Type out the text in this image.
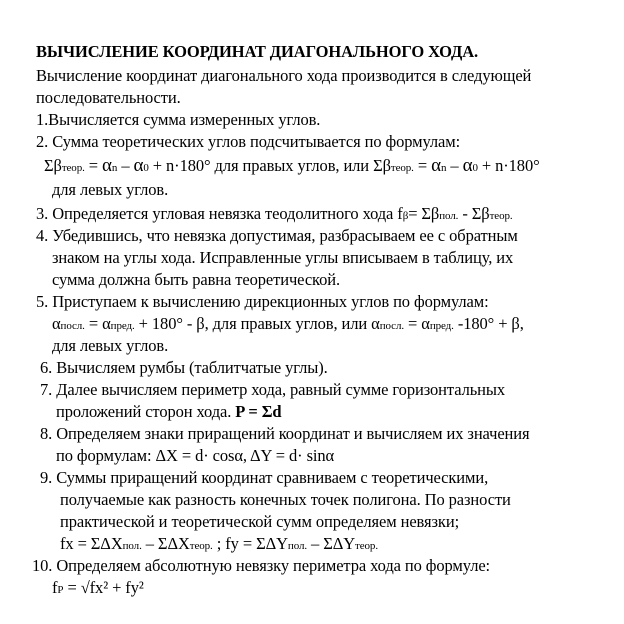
ВЫЧИСЛЕНИЕ КООРДИНАТ ДИАГОНАЛЬНОГО ХОДА.
Вычисление координат диагонального хода производится в следующей
последовательности.
1.Вычисляется сумма измеренных углов.
2. Сумма теоретических углов подсчитывается по формулам:
Σβтеор. = αn – α0 + n·180° для правых углов, или Σβтеор. = αn – α0 + n·180°
для левых углов.
3. Определяется угловая невязка теодолитного хода fβ= Σβпол. - Σβтеор.
4. Убедившись, что невязка допустимая, разбрасываем ее с обратным
знаком на углы хода. Исправленные углы вписываем в таблицу, их
сумма должна быть равна теоретической.
5. Приступаем к вычислению дирекционных углов по формулам:
αпосл. = αпред. + 180° - β, для правых углов, или αпосл. = αпред. -180° + β,
для левых углов.
6. Вычисляем румбы (таблитчатые углы).
7. Далее вычисляем периметр хода, равный сумме горизонтальных
проложений сторон хода. P = Σd
8. Определяем знаки приращений координат и вычисляем их значения
по формулам: ΔX = d· cosα, ΔY = d· sinα
9. Суммы приращений координат сравниваем с теоретическими,
получаемые как разность конечных точек полигона. По разности
практической и теоретической сумм определяем невязки;
fx = ΣΔXпол. – ΣΔXтеор. ; fy = ΣΔYпол. – ΣΔYтеор.
10. Определяем абсолютную невязку периметра хода по формуле:
fP = √fx² + fy²
